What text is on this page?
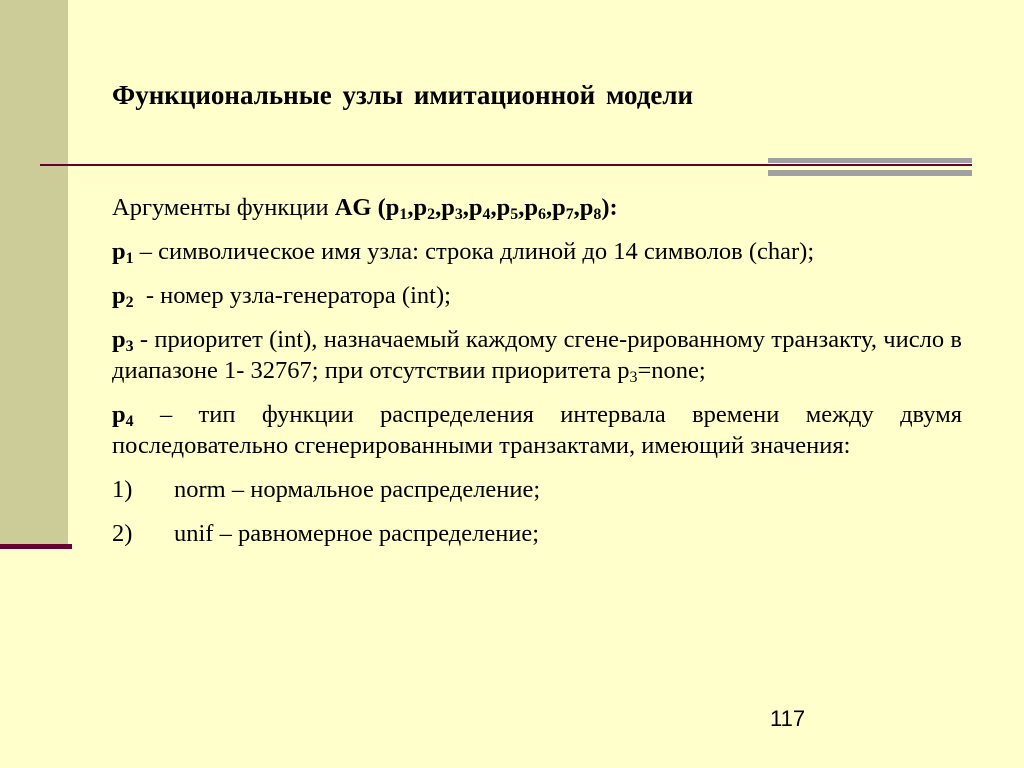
Функциональные узлы имитационной модели
Аргументы функции AG $(p_1,p_2,p_3,p_4,p_5,p_6,p_7,p_8)$:
$p_1$ – символическое имя узла: строка длиной до 14 символов (char);
$p_2$  - номер узла-генератора (int);
$p_3$ - приоритет (int), назначаемый каждому сгене-рированному транзакту, число в диапазоне 1- 32767; при отсутствии приоритета $p_3=none$;
$p_4$ – тип функции распределения интервала времени между двумя последовательно сгенерированными транзактами, имеющий значения:
1) norm – нормальное распределение;
2) unif – равномерное распределение;
117
